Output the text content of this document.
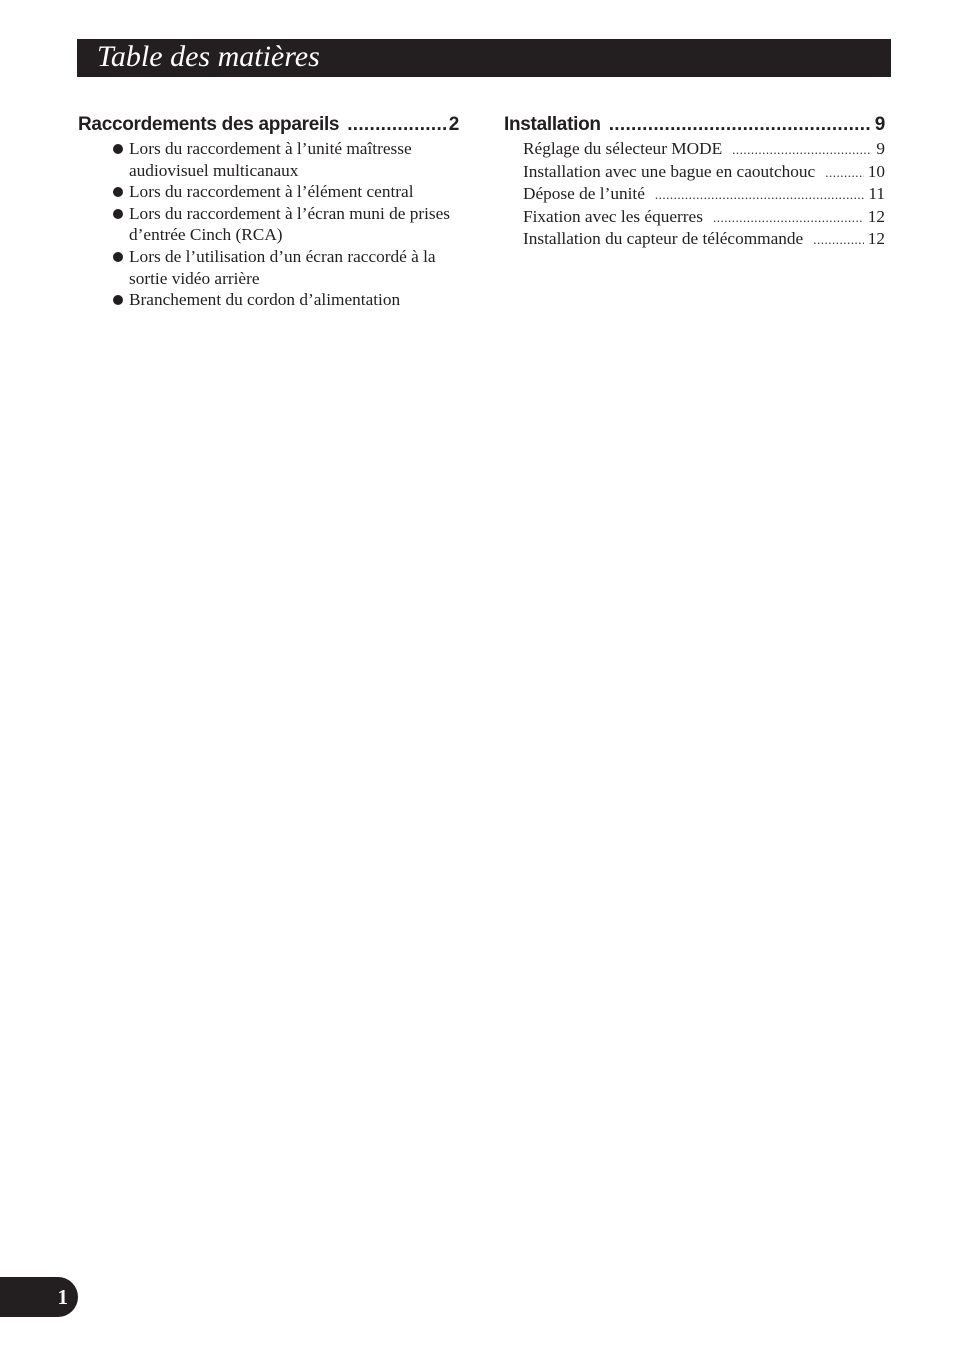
Table des matières
Raccordements des appareils .....	2
Lors du raccordement à l’unité maîtresse audiovisuel multicanaux
Lors du raccordement à l’élément central
Lors du raccordement à l’écran muni de prises d’entrée Cinch (RCA)
Lors de l’utilisation d’un écran raccordé à la sortie vidéo arrière
Branchement du cordon d’alimentation
Installation .....	9
Réglage du sélecteur MODE .....	9
Installation avec une bague en caoutchouc .....	10
Dépose de l’unité .....	11
Fixation avec les équerres .....	12
Installation du capteur de télécommande .....	12
1
